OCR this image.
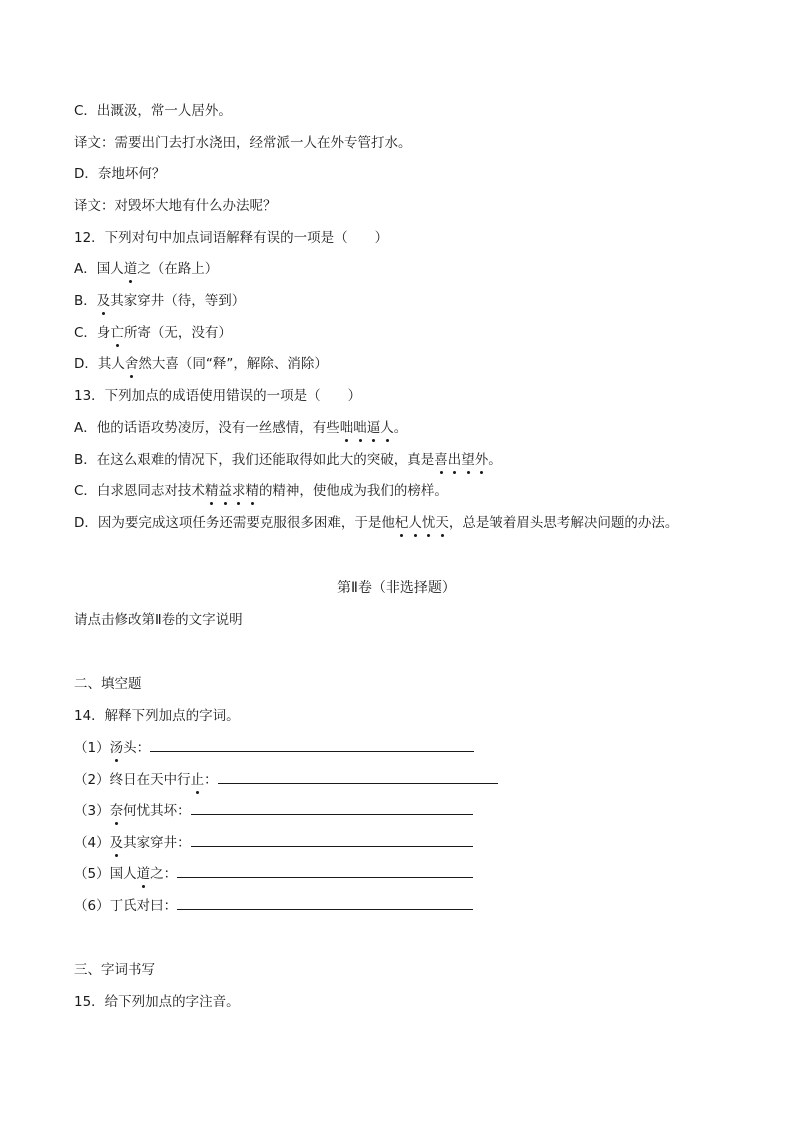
C．出溉汲，常一人居外。
译文：需要出门去打水浇田，经常派一人在外专管打水。
D．奈地坏何？
译文：对毁坏大地有什么办法呢？
12．下列对句中加点词语解释有误的一项是（　　）
A．国人道之（在路上）
B．及其家穿井（待，等到）
C．身亡所寄（无，没有）
D．其人舍然大喜（同“释”，解除、消除）
13．下列加点的成语使用错误的一项是（　　）
A．他的话语攻势凌厉，没有一丝感情，有些咄咄逼人。
B．在这么艰难的情况下，我们还能取得如此大的突破，真是喜出望外。
C．白求恩同志对技术精益求精的精神，使他成为我们的榜样。
D．因为要完成这项任务还需要克服很多困难，于是他杞人忧天，总是皱着眉头思考解决问题的办法。
第Ⅱ卷（非选择题）
请点击修改第Ⅱ卷的文字说明
二、填空题
14．解释下列加点的字词。
（1）汤头：
（2）终日在天中行止：
（3）奈何忧其坏：
（4）及其家穿井：
（5）国人道之：
（6）丁氏对曰：
三、字词书写
15．给下列加点的字注音。
